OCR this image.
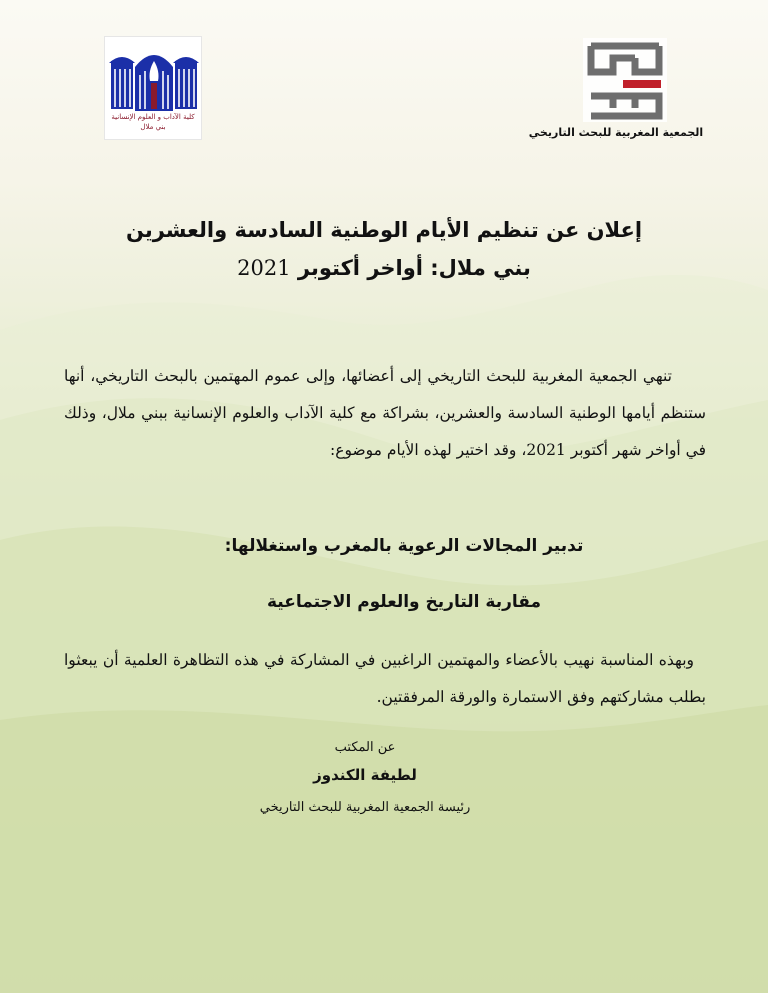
كلية الآداب و العلوم الإنسانية
بني ملال	الجمعية المغربية للبحث التاريخي
إعلان عن تنظيم الأيام الوطنية السادسة والعشرين
بني ملال: أواخر أكتوبر 2021
تنهي الجمعية المغربية للبحث التاريخي إلى أعضائها، وإلى عموم المهتمين بالبحث التاريخي، أنها ستنظم أيامها الوطنية السادسة والعشرين، بشراكة مع كلية الآداب والعلوم الإنسانية ببني ملال، وذلك في أواخر شهر أكتوبر 2021، وقد اختير لهذه الأيام موضوع:
تدبير المجالات الرعوية بالمغرب واستغلالها:
مقاربة التاريخ والعلوم الاجتماعية
وبهذه المناسبة نهيب بالأعضاء والمهتمين الراغبين في المشاركة في هذه التظاهرة العلمية أن يبعثوا بطلب مشاركتهم وفق الاستمارة والورقة المرفقتين.
عن المكتب
لطيفة الكندوز
رئيسة الجمعية المغربية للبحث التاريخي
